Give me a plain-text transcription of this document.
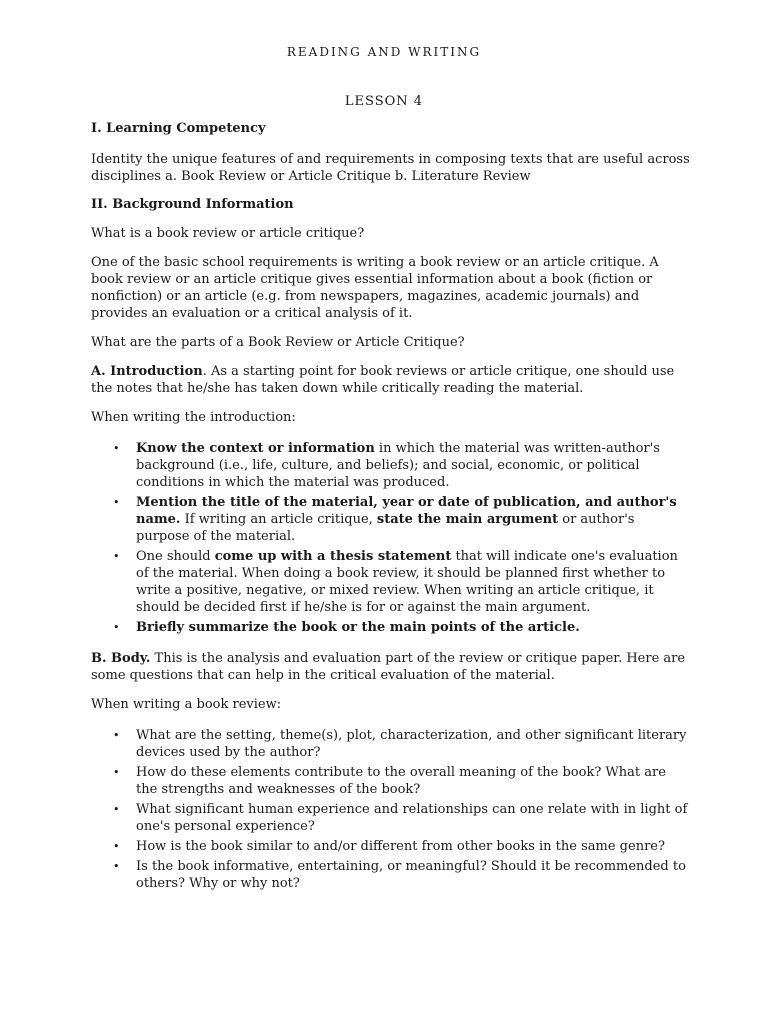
READING AND WRITING
LESSON 4

I. Learning Competency

Identity the unique features of and requirements in composing texts that are useful across disciplines a. Book Review or Article Critique b. Literature Review

II. Background Information

What is a book review or article critique?

One of the basic school requirements is writing a book review or an article critique. A book review or an article critique gives essential information about a book (fiction or nonfiction) or an article (e.g. from newspapers, magazines, academic journals) and provides an evaluation or a critical analysis of it.

What are the parts of a Book Review or Article Critique?

A. Introduction. As a starting point for book reviews or article critique, one should use the notes that he/she has taken down while critically reading the material.

When writing the introduction:

• Know the context or information in which the material was written-author's background (i.e., life, culture, and beliefs); and social, economic, or political conditions in which the material was produced.
• Mention the title of the material, year or date of publication, and author's name. If writing an article critique, state the main argument or author's purpose of the material.
• One should come up with a thesis statement that will indicate one's evaluation of the material. When doing a book review, it should be planned first whether to write a positive, negative, or mixed review. When writing an article critique, it should be decided first if he/she is for or against the main argument.
• Briefly summarize the book or the main points of the article.

B. Body. This is the analysis and evaluation part of the review or critique paper. Here are some questions that can help in the critical evaluation of the material.

When writing a book review:

• What are the setting, theme(s), plot, characterization, and other significant literary devices used by the author?
• How do these elements contribute to the overall meaning of the book? What are the strengths and weaknesses of the book?
• What significant human experience and relationships can one relate with in light of one's personal experience?
• How is the book similar to and/or different from other books in the same genre?
• Is the book informative, entertaining, or meaningful? Should it be recommended to others? Why or why not?
